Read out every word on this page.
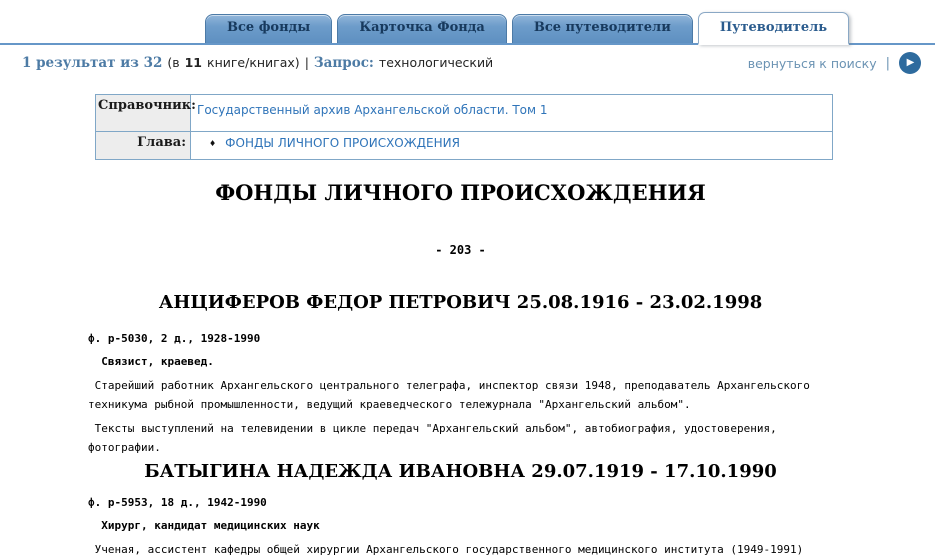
Все фонды	Карточка Фонда	Все путеводители	Путеводитель
1 результат из 32 (в 11 книге/книгах) | Запрос: технологический	вернуться к поиску | ▶
Справочник:	Государственный архив Архангельской области. Том 1
Глава:	♦ ФОНДЫ ЛИЧНОГО ПРОИСХОЖДЕНИЯ
ФОНДЫ ЛИЧНОГО ПРОИСХОЖДЕНИЯ
- 203 -
АНЦИФЕРОВ ФЕДОР ПЕТРОВИЧ 25.08.1916 - 23.02.1998
ф. р-5030, 2 д., 1928-1990
Связист, краевед.

Старейший работник Архангельского центрального телеграфа, инспектор связи 1948, преподаватель Архангельского техникума рыбной промышленности, ведущий краеведческого тележурнала "Архангельский альбом".

Тексты выступлений на телевидении в цикле передач "Архангельский альбом", автобиография, удостоверения, фотографии.

БАТЫГИНА НАДЕЖДА ИВАНОВНА 29.07.1919 - 17.10.1990
ф. р-5953, 18 д., 1942-1990
Хирург, кандидат медицинских наук

Ученая, ассистент кафедры общей хирургии Архангельского государственного медицинского института (1949-1991)
